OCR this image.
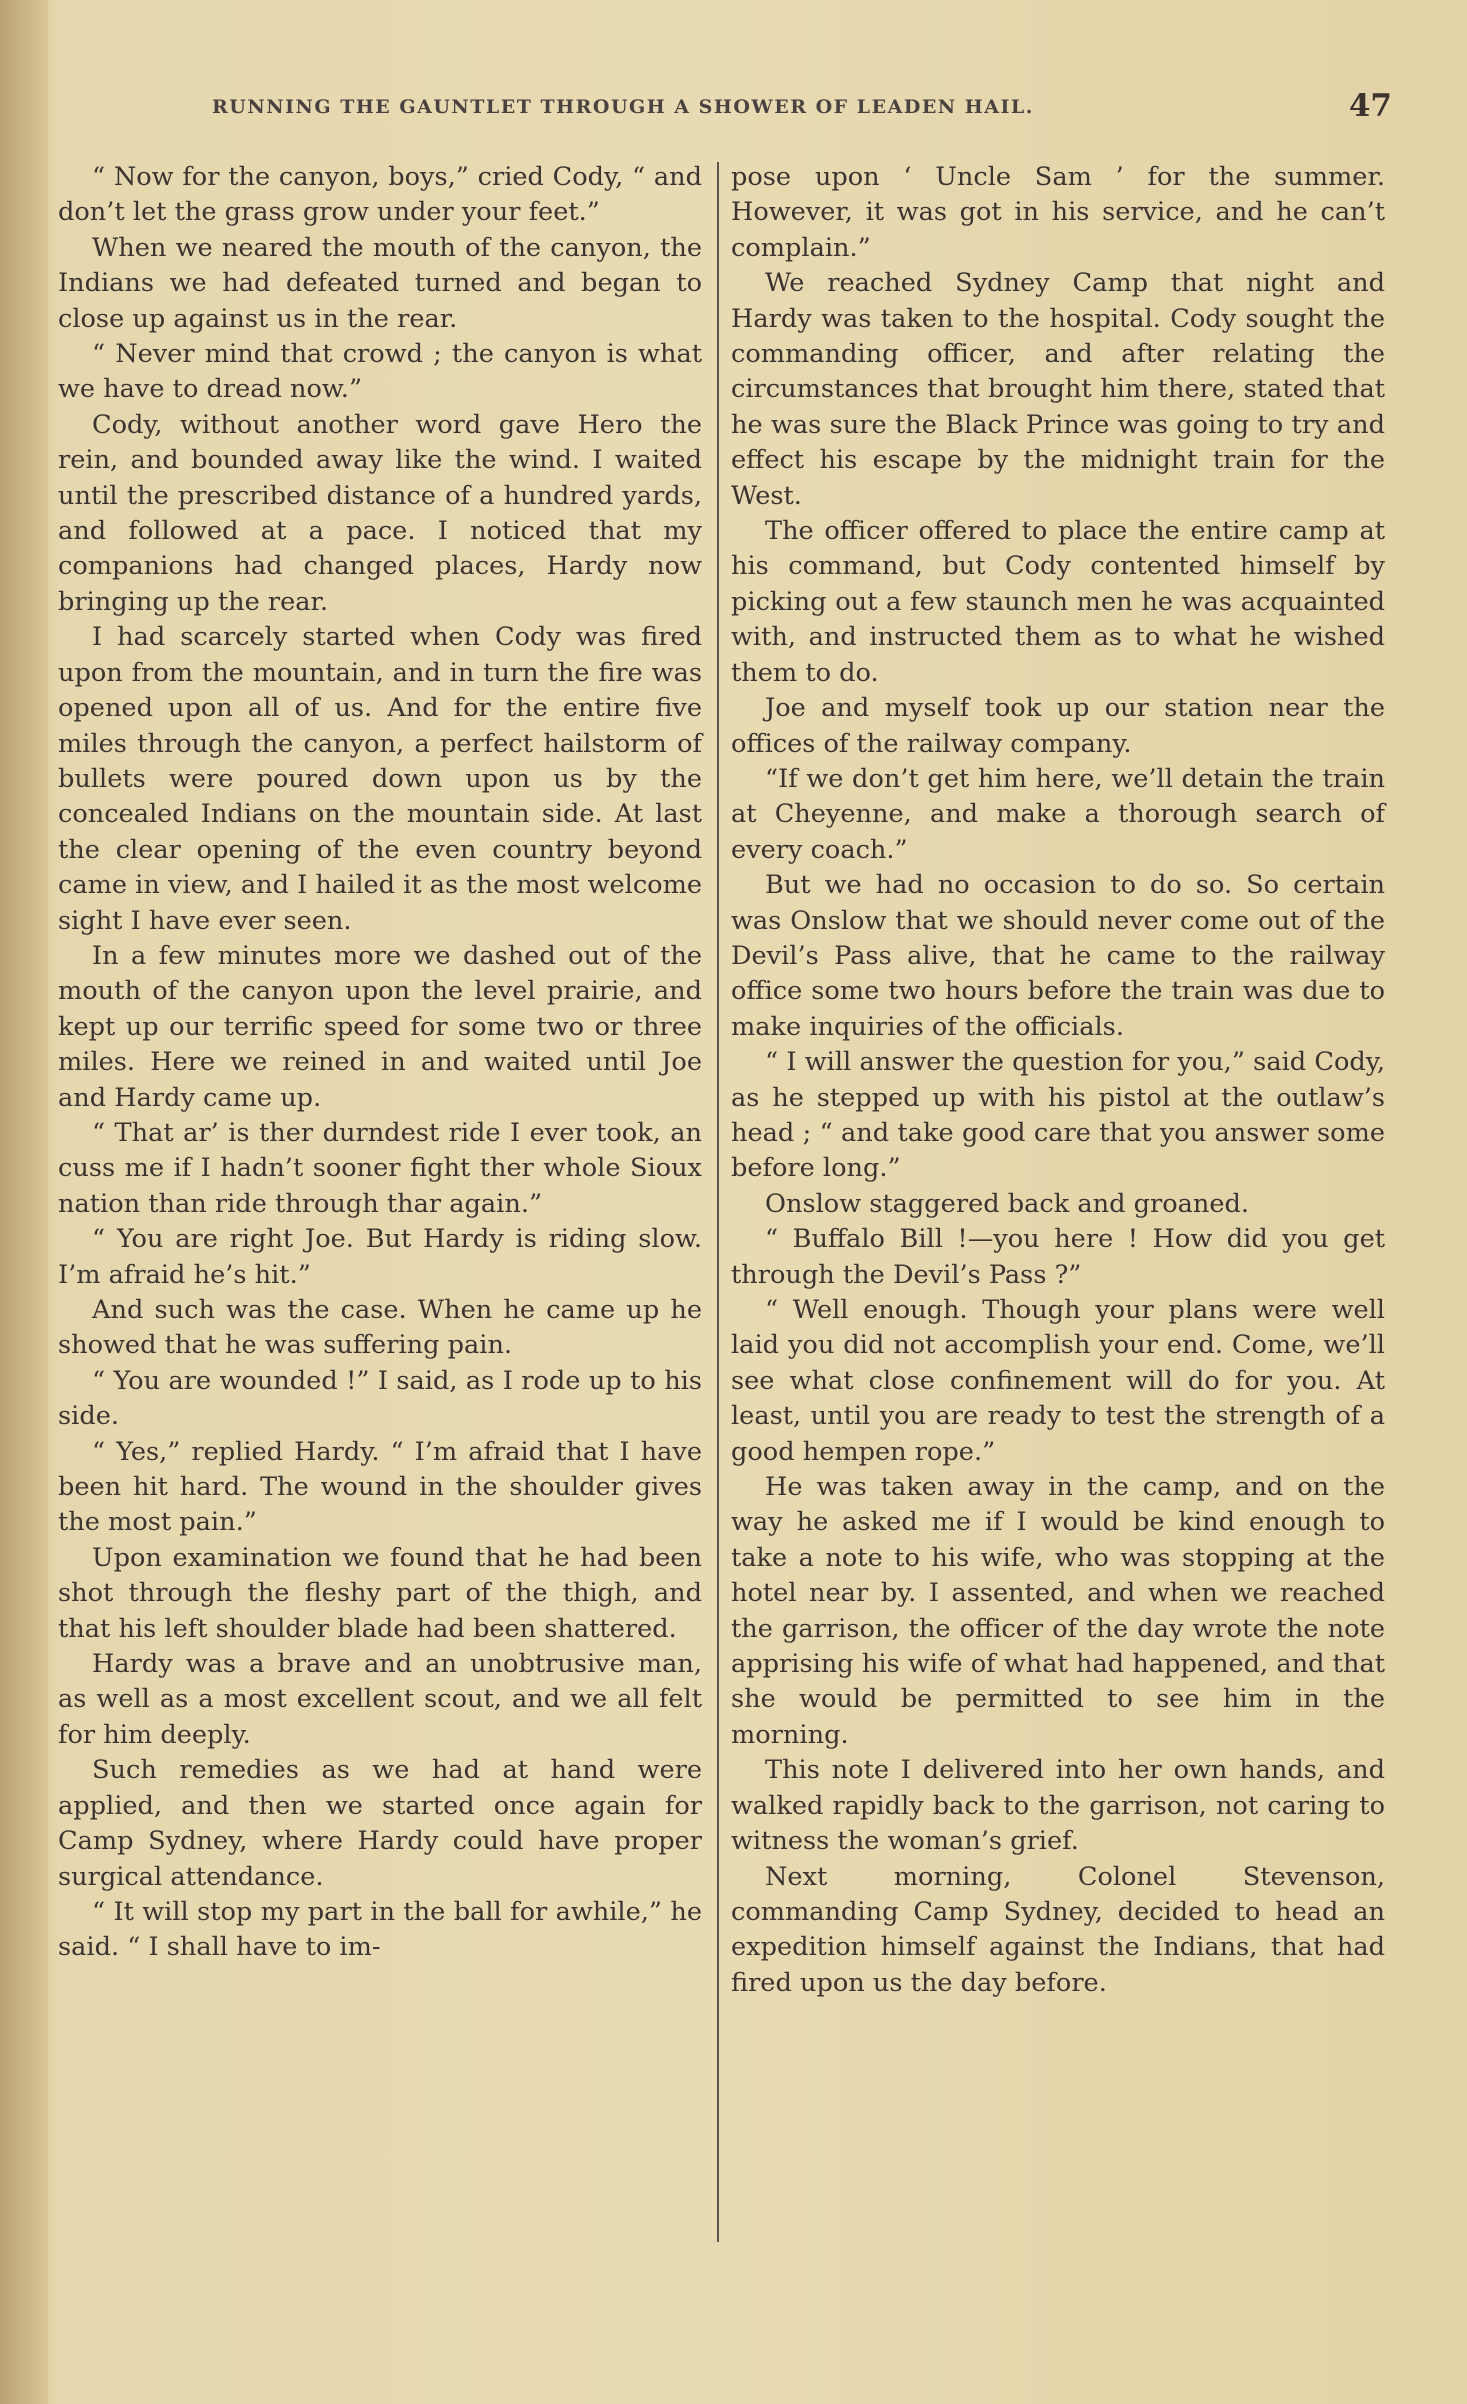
RUNNING THE GAUNTLET THROUGH A SHOWER OF LEADEN HAIL.	47

“ Now for the canyon, boys,” cried Cody, “ and don’t let the grass grow under your feet.”

When we neared the mouth of the canyon, the Indians we had defeated turned and began to close up against us in the rear.

“ Never mind that crowd ; the canyon is what we have to dread now.”

Cody, without another word gave Hero the rein, and bounded away like the wind. I waited until the prescribed distance of a hundred yards, and followed at a pace. I noticed that my companions had changed places, Hardy now bringing up the rear.

I had scarcely started when Cody was fired upon from the mountain, and in turn the fire was opened upon all of us. And for the entire five miles through the canyon, a perfect hailstorm of bullets were poured down upon us by the concealed Indians on the mountain side. At last the clear opening of the even country beyond came in view, and I hailed it as the most welcome sight I have ever seen.

In a few minutes more we dashed out of the mouth of the canyon upon the level prairie, and kept up our terrific speed for some two or three miles. Here we reined in and waited until Joe and Hardy came up.

“ That ar’ is ther durndest ride I ever took, an cuss me if I hadn’t sooner fight ther whole Sioux nation than ride through thar again.”

“ You are right Joe. But Hardy is riding slow. I’m afraid he’s hit.”

And such was the case. When he came up he showed that he was suffering pain.

“ You are wounded !” I said, as I rode up to his side.

“ Yes,” replied Hardy. “ I’m afraid that I have been hit hard. The wound in the shoulder gives the most pain.”

Upon examination we found that he had been shot through the fleshy part of the thigh, and that his left shoulder blade had been shattered.

Hardy was a brave and an unobtrusive man, as well as a most excellent scout, and we all felt for him deeply.

Such remedies as we had at hand were applied, and then we started once again for Camp Sydney, where Hardy could have proper surgical attendance.

“ It will stop my part in the ball for awhile,” he said. “ I shall have to im-

pose upon ‘ Uncle Sam ’ for the summer. However, it was got in his service, and he can’t complain.”

We reached Sydney Camp that night and Hardy was taken to the hospital. Cody sought the commanding officer, and after relating the circumstances that brought him there, stated that he was sure the Black Prince was going to try and effect his escape by the midnight train for the West.

The officer offered to place the entire camp at his command, but Cody contented himself by picking out a few staunch men he was acquainted with, and instructed them as to what he wished them to do.

Joe and myself took up our station near the offices of the railway company.

“If we don’t get him here, we’ll detain the train at Cheyenne, and make a thorough search of every coach.”

But we had no occasion to do so. So certain was Onslow that we should never come out of the Devil’s Pass alive, that he came to the railway office some two hours before the train was due to make inquiries of the officials.

“ I will answer the question for you,” said Cody, as he stepped up with his pistol at the outlaw’s head ; “ and take good care that you answer some before long.”

Onslow staggered back and groaned.

“ Buffalo Bill !—you here ! How did you get through the Devil’s Pass ?”

“ Well enough. Though your plans were well laid you did not accomplish your end. Come, we’ll see what close confinement will do for you. At least, until you are ready to test the strength of a good hempen rope.”

He was taken away in the camp, and on the way he asked me if I would be kind enough to take a note to his wife, who was stopping at the hotel near by. I assented, and when we reached the garrison, the officer of the day wrote the note apprising his wife of what had happened, and that she would be permitted to see him in the morning.

This note I delivered into her own hands, and walked rapidly back to the garrison, not caring to witness the woman’s grief.

Next morning, Colonel Stevenson, commanding Camp Sydney, decided to head an expedition himself against the Indians, that had fired upon us the day before.
